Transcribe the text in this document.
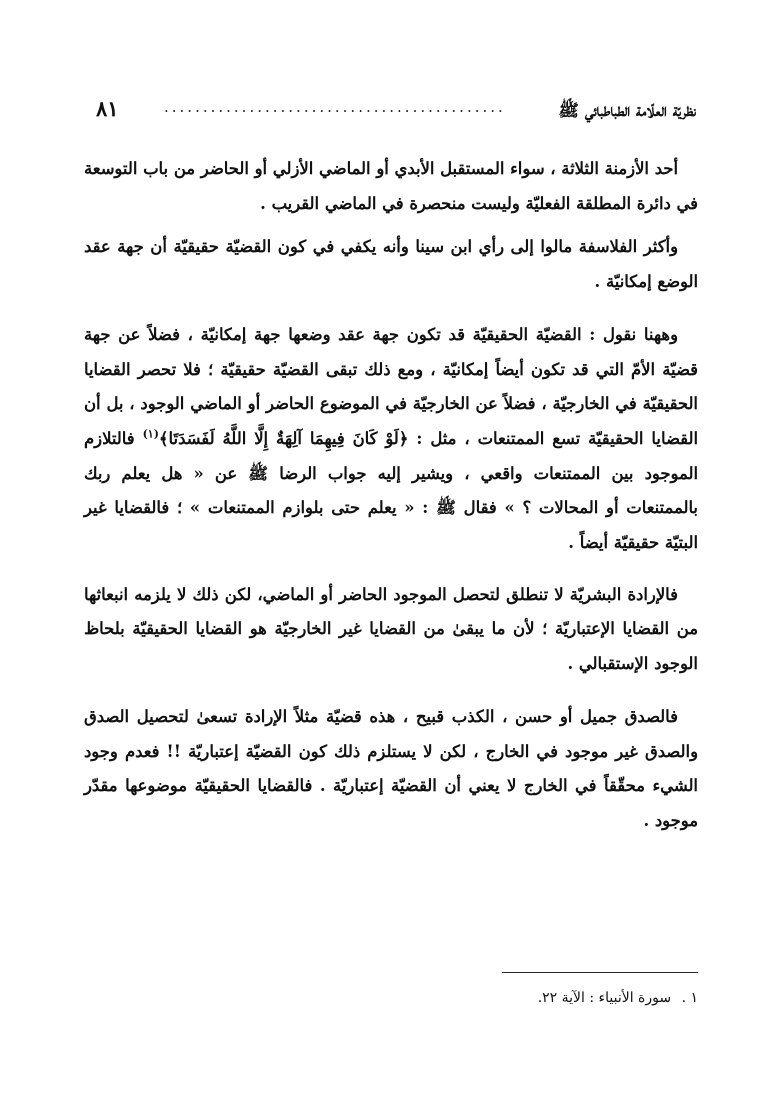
نظريّة العلّامة الطباطبائي ﷺ
............................................
٨١

أحد الأزمنة الثلاثة ، سواء المستقبل الأبدي أو الماضي الأزلي أو الحاضر من باب التوسعة في دائرة المطلقة الفعليّة وليست منحصرة في الماضي القريب .

وأكثر الفلاسفة مالوا إلى رأي ابن سينا وأنه يكفي في كون القضيّة حقيقيّة أن جهة عقد الوضع إمكانيّة .

وههنا نقول : القضيّة الحقيقيّة قد تكون جهة عقد وضعها جهة إمكانيّة ، فضلاً عن جهة قضيّة الأمّ التي قد تكون أيضاً إمكانيّة ، ومع ذلك تبقى القضيّة حقيقيّة ؛ فلا تحصر القضايا الحقيقيّة في الخارجيّة ، فضلاً عن الخارجيّة في الموضوع الحاضر أو الماضي الوجود ، بل أن القضايا الحقيقيّة تسع الممتنعات ، مثل : ﴿لَوْ كَانَ فِيهِمَا آلِهَةٌ إِلَّا اللَّهُ لَفَسَدَتَا﴾$^{(١)}$ فالتلازم الموجود بين الممتنعات واقعي ، ويشير إليه جواب الرضا ﷺ عن « هل يعلم ربك بالممتنعات أو المحالات ؟ » فقال ﷺ : « يعلم حتى بلوازم الممتنعات » ؛ فالقضايا غير البتيّة حقيقيّة أيضاً .

فالإرادة البشريّة لا تنطلق لتحصل الموجود الحاضر أو الماضي، لكن ذلك لا يلزمه انبعاثها من القضايا الإعتباريّة ؛ لأن ما يبقىٰ من القضايا غير الخارجيّة هو القضايا الحقيقيّة بلحاظ الوجود الإستقبالي .

فالصدق جميل أو حسن ، الكذب قبيح ، هذه قضيّة مثلاً الإرادة تسعىٰ لتحصيل الصدق والصدق غير موجود في الخارج ، لكن لا يستلزم ذلك كون القضيّة إعتباريّة !! فعدم وجود الشيء محقّقاً في الخارج لا يعني أن القضيّة إعتباريّة . فالقضايا الحقيقيّة موضوعها مقدّر موجود .

١ . سورة الأنبياء : الآية ٢٢.
